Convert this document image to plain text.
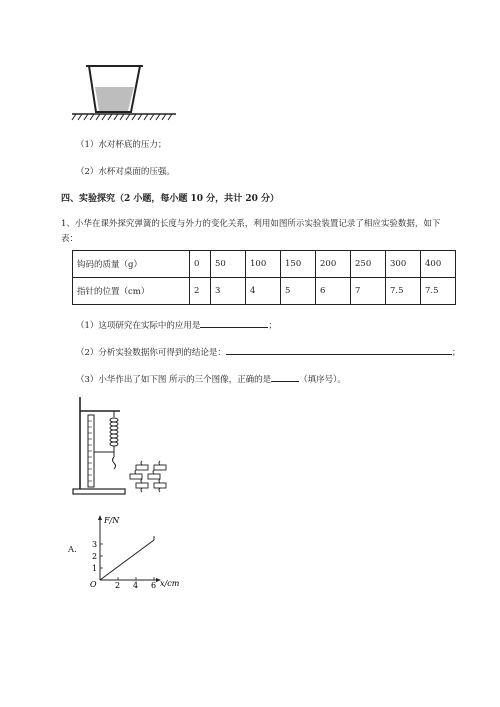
（1）水对杯底的压力；
（2）水杯对桌面的压强。
四、实验探究（2 小题，每小题 10 分，共计 20 分）
1、小华在课外探究弹簧的长度与外力的变化关系，利用如图所示实验装置记录了相应实验数据，如下
表：
钩码的质量（g）	0	50	100	150	200	250	300	400
指针的位置（cm）	2	3	4	5	6	7	7.5	7.5
（1）这项研究在实际中的应用是	；
（2）分析实验数据你可得到的结论是：	；
（3）小华作出了如下图 所示的三个图像，正确的是	（填序号）。
A.
F/N
x/cm
O
1
2
3
2 4 6
